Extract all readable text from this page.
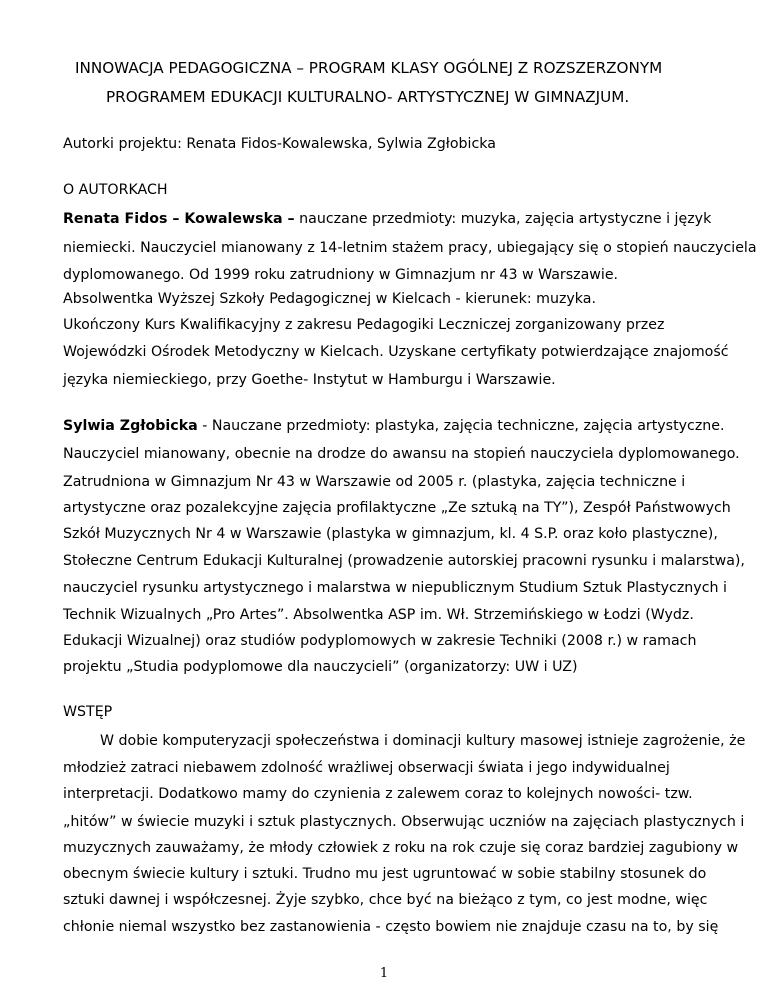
INNOWACJA PEDAGOGICZNA – PROGRAM KLASY OGÓLNEJ Z ROZSZERZONYM
PROGRAMEM EDUKACJI KULTURALNO- ARTYSTYCZNEJ W GIMNAZJUM.
Autorki projektu: Renata Fidos-Kowalewska, Sylwia Zgłobicka
O AUTORKACH
Renata Fidos – Kowalewska – nauczane przedmioty: muzyka, zajęcia artystyczne i język
niemiecki. Nauczyciel mianowany z 14-letnim stażem pracy, ubiegający się o stopień nauczyciela
dyplomowanego. Od 1999 roku zatrudniony w Gimnazjum nr 43 w Warszawie.
Absolwentka Wyższej Szkoły Pedagogicznej w Kielcach - kierunek: muzyka.
Ukończony Kurs Kwalifikacyjny z zakresu Pedagogiki Leczniczej zorganizowany przez
Wojewódzki Ośrodek Metodyczny w Kielcach. Uzyskane certyfikaty potwierdzające znajomość
języka niemieckiego, przy Goethe- Instytut w Hamburgu i Warszawie.
Sylwia Zgłobicka - Nauczane przedmioty: plastyka, zajęcia techniczne, zajęcia artystyczne.
Nauczyciel mianowany, obecnie na drodze do awansu na stopień nauczyciela dyplomowanego.
Zatrudniona w Gimnazjum Nr 43 w Warszawie od 2005 r. (plastyka, zajęcia techniczne i
artystyczne oraz pozalekcyjne zajęcia profilaktyczne „Ze sztuką na TY”), Zespół Państwowych
Szkół Muzycznych Nr 4 w Warszawie (plastyka w gimnazjum, kl. 4 S.P. oraz koło plastyczne),
Stołeczne Centrum Edukacji Kulturalnej (prowadzenie autorskiej pracowni rysunku i malarstwa),
nauczyciel rysunku artystycznego i malarstwa w niepublicznym Studium Sztuk Plastycznych i
Technik Wizualnych „Pro Artes”. Absolwentka ASP im. Wł. Strzemińskiego w Łodzi (Wydz.
Edukacji Wizualnej) oraz studiów podyplomowych w zakresie Techniki (2008 r.) w ramach
projektu „Studia podyplomowe dla nauczycieli” (organizatorzy: UW i UZ)
WSTĘP
W dobie komputeryzacji społeczeństwa i dominacji kultury masowej istnieje zagrożenie, że
młodzież zatraci niebawem zdolność wrażliwej obserwacji świata i jego indywidualnej
interpretacji. Dodatkowo mamy do czynienia z zalewem coraz to kolejnych nowości- tzw.
„hitów” w świecie muzyki i sztuk plastycznych. Obserwując uczniów na zajęciach plastycznych i
muzycznych zauważamy, że młody człowiek z roku na rok czuje się coraz bardziej zagubiony w
obecnym świecie kultury i sztuki. Trudno mu jest ugruntować w sobie stabilny stosunek do
sztuki dawnej i współczesnej. Żyje szybko, chce być na bieżąco z tym, co jest modne, więc
chłonie niemal wszystko bez zastanowienia - często bowiem nie znajduje czasu na to, by się
1
